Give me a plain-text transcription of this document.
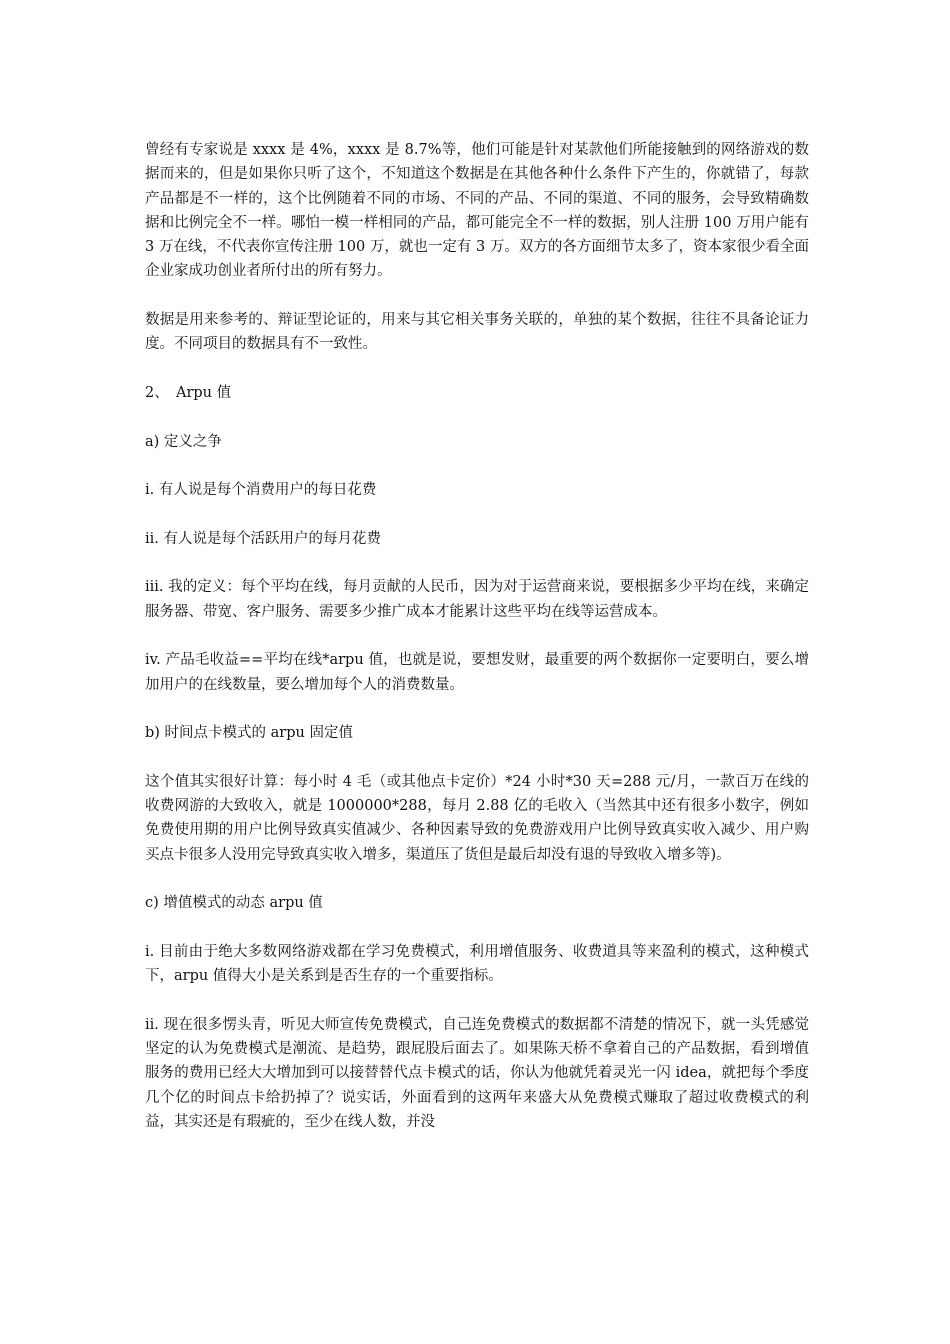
曾经有专家说是 xxxx 是 4%，xxxx 是 8.7%等，他们可能是针对某款他们所能接触到的网络游戏的数据而来的，但是如果你只听了这个，不知道这个数据是在其他各种什么条件下产生的，你就错了，每款产品都是不一样的，这个比例随着不同的市场、不同的产品、不同的渠道、不同的服务，会导致精确数据和比例完全不一样。哪怕一模一样相同的产品，都可能完全不一样的数据，别人注册 100 万用户能有 3 万在线，不代表你宣传注册 100 万，就也一定有 3 万。双方的各方面细节太多了，资本家很少看全面企业家成功创业者所付出的所有努力。

数据是用来参考的、辩证型论证的，用来与其它相关事务关联的，单独的某个数据，往往不具备论证力度。不同项目的数据具有不一致性。

2、　Arpu 值

a) 定义之争

i. 有人说是每个消费用户的每日花费

ii. 有人说是每个活跃用户的每月花费

iii. 我的定义：每个平均在线，每月贡献的人民币，因为对于运营商来说，要根据多少平均在线，来确定服务器、带宽、客户服务、需要多少推广成本才能累计这些平均在线等运营成本。

iv. 产品毛收益==平均在线*arpu 值，也就是说，要想发财，最重要的两个数据你一定要明白，要么增加用户的在线数量，要么增加每个人的消费数量。

b) 时间点卡模式的 arpu 固定值

这个值其实很好计算：每小时 4 毛（或其他点卡定价）*24 小时*30 天=288 元/月，一款百万在线的收费网游的大致收入，就是 1000000*288，每月 2.88 亿的毛收入（当然其中还有很多小数字，例如免费使用期的用户比例导致真实值减少、各种因素导致的免费游戏用户比例导致真实收入减少、用户购买点卡很多人没用完导致真实收入增多，渠道压了货但是最后却没有退的导致收入增多等)。

c) 增值模式的动态 arpu 值

i. 目前由于绝大多数网络游戏都在学习免费模式，利用增值服务、收费道具等来盈利的模式，这种模式下，arpu 值得大小是关系到是否生存的一个重要指标。

ii. 现在很多愣头青，听见大师宣传免费模式，自己连免费模式的数据都不清楚的情况下，就一头凭感觉坚定的认为免费模式是潮流、是趋势，跟屁股后面去了。如果陈天桥不拿着自己的产品数据，看到增值服务的费用已经大大增加到可以接替替代点卡模式的话，你认为他就凭着灵光一闪 idea，就把每个季度几个亿的时间点卡给扔掉了？说实话，外面看到的这两年来盛大从免费模式赚取了超过收费模式的利益，其实还是有瑕疵的，至少在线人数，并没
